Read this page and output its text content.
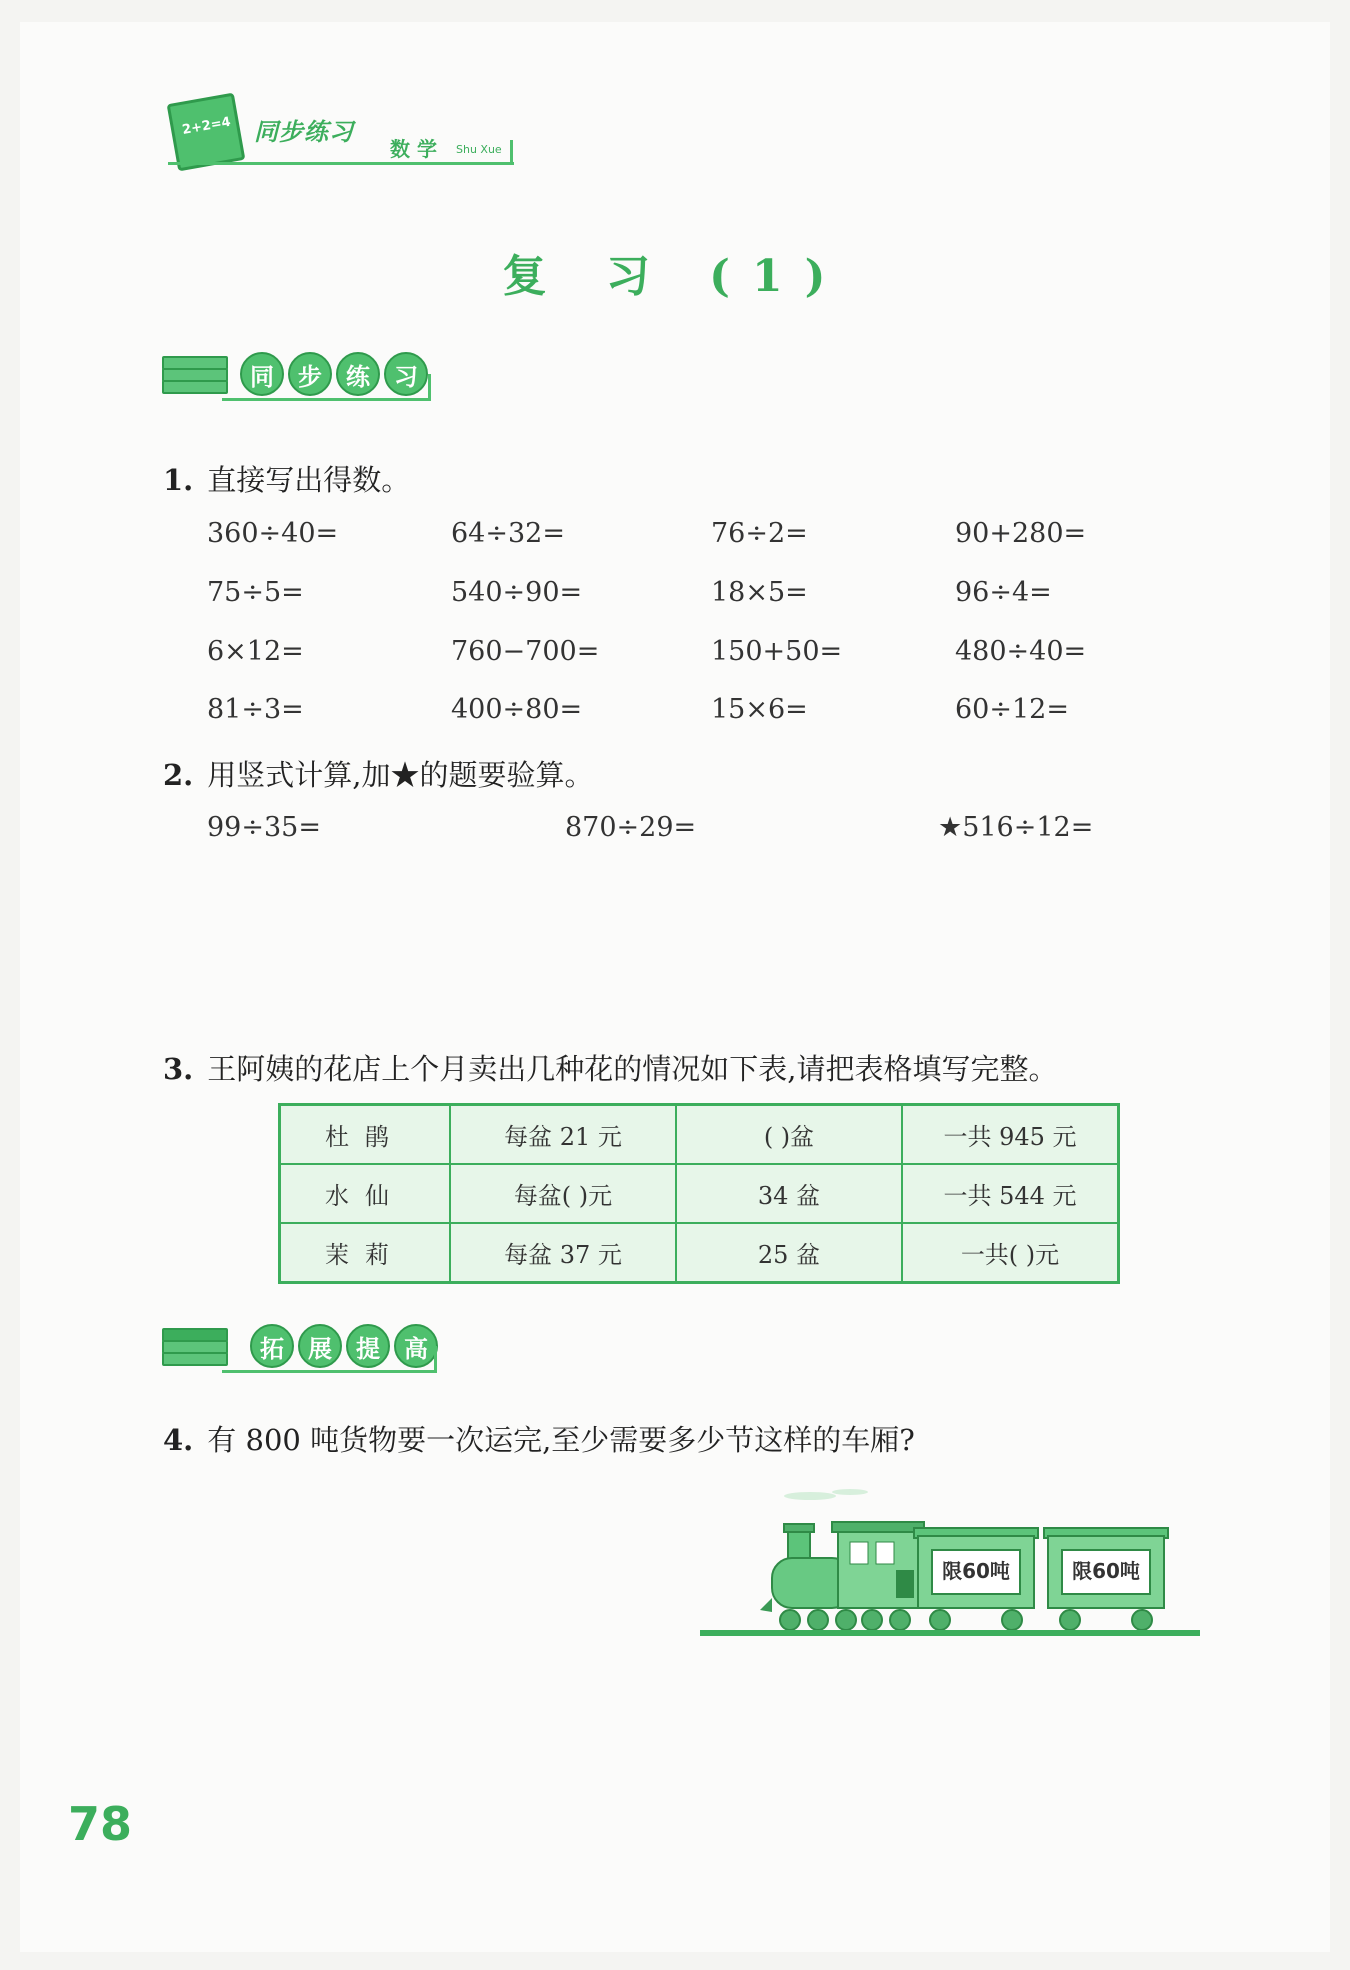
2+2=4 同步练习
数 学 Shu Xue
复 习 (1)
同	步	练	习
1. 直接写出得数。
360÷40=	64÷32=	76÷2=	90+280=
75÷5=	540÷90=	18×5=	96÷4=
6×12=	760−700=	150+50=	480÷40=
81÷3=	400÷80=	15×6=	60÷12=
2. 用竖式计算,加★的题要验算。
99÷35=	870÷29=	★516÷12=
3. 王阿姨的花店上个月卖出几种花的情况如下表,请把表格填写完整。
杜鹃	每盆 21 元	( )盆	一共 945 元
水仙	每盆( )元	34 盆	一共 544 元
茉莉	每盆 37 元	25 盆	一共( )元
拓	展	提	高
4. 有 800 吨货物要一次运完,至少需要多少节这样的车厢?
限60吨	限60吨
78
